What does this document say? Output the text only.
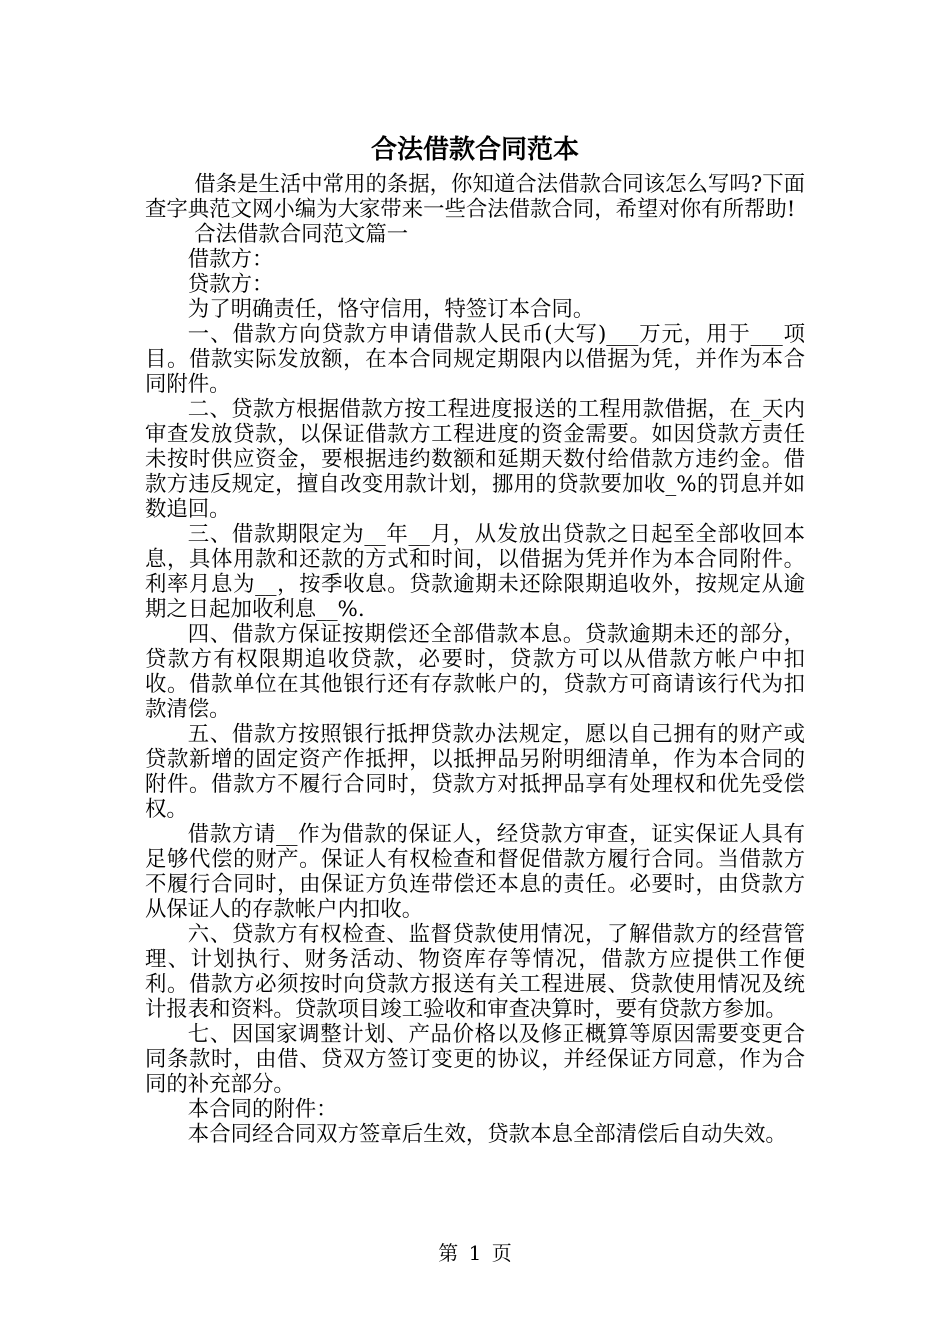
合法借款合同范本

借条是生活中常用的条据，你知道合法借款合同该怎么写吗?下面查字典范文网小编为大家带来一些合法借款合同，希望对你有所帮助!

合法借款合同范文篇一

借款方：

贷款方：

为了明确责任，恪守信用，特签订本合同。

一、借款方向贷款方申请借款人民币(大写)___万元，用于___项目。借款实际发放额，在本合同规定期限内以借据为凭，并作为本合同附件。

二、贷款方根据借款方按工程进度报送的工程用款借据，在_天内审查发放贷款，以保证借款方工程进度的资金需要。如因贷款方责任未按时供应资金，要根据违约数额和延期天数付给借款方违约金。借款方违反规定，擅自改变用款计划，挪用的贷款要加收_%的罚息并如数追回。

三、借款期限定为__年__月，从发放出贷款之日起至全部收回本息，具体用款和还款的方式和时间，以借据为凭并作为本合同附件。利率月息为__，按季收息。贷款逾期未还除限期追收外，按规定从逾期之日起加收利息__%.

四、借款方保证按期偿还全部借款本息。贷款逾期未还的部分，贷款方有权限期追收贷款，必要时，贷款方可以从借款方帐户中扣收。借款单位在其他银行还有存款帐户的，贷款方可商请该行代为扣款清偿。

五、借款方按照银行抵押贷款办法规定，愿以自己拥有的财产或贷款新增的固定资产作抵押，以抵押品另附明细清单，作为本合同的附件。借款方不履行合同时，贷款方对抵押品享有处理权和优先受偿权。

借款方请__作为借款的保证人，经贷款方审查，证实保证人具有足够代偿的财产。保证人有权检查和督促借款方履行合同。当借款方不履行合同时，由保证方负连带偿还本息的责任。必要时，由贷款方从保证人的存款帐户内扣收。

六、贷款方有权检查、监督贷款使用情况，了解借款方的经营管理、计划执行、财务活动、物资库存等情况，借款方应提供工作便利。借款方必须按时向贷款方报送有关工程进展、贷款使用情况及统计报表和资料。贷款项目竣工验收和审查决算时，要有贷款方参加。

七、因国家调整计划、产品价格以及修正概算等原因需要变更合同条款时，由借、贷双方签订变更的协议，并经保证方同意，作为合同的补充部分。

本合同的附件：

本合同经合同双方签章后生效，贷款本息全部清偿后自动失效。

第 1 页
